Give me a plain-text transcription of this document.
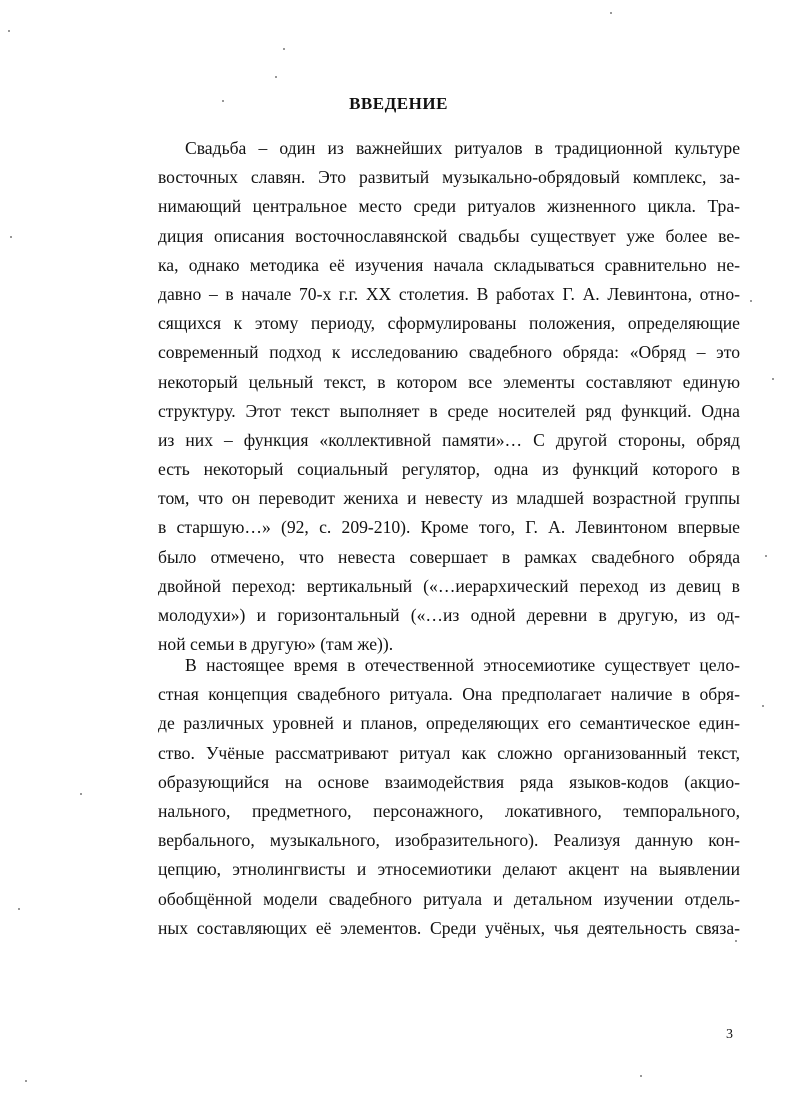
ВВЕДЕНИЕ

Свадьба – один из важнейших ритуалов в традиционной культуре
восточных славян. Это развитый музыкально-обрядовый комплекс, за-
нимающий центральное место среди ритуалов жизненного цикла. Тра-
диция описания восточнославянской свадьбы существует уже более ве-
ка, однако методика её изучения начала складываться сравнительно не-
давно – в начале 70-х г.г. XX столетия. В работах Г. А. Левинтона, отно-
сящихся к этому периоду, сформулированы положения, определяющие
современный подход к исследованию свадебного обряда: «Обряд – это
некоторый цельный текст, в котором все элементы составляют единую
структуру. Этот текст выполняет в среде носителей ряд функций. Одна
из них – функция «коллективной памяти»… С другой стороны, обряд
есть некоторый социальный регулятор, одна из функций которого в
том, что он переводит жениха и невесту из младшей возрастной группы
в старшую…» (92, с. 209-210). Кроме того, Г. А. Левинтоном впервые
было отмечено, что невеста совершает в рамках свадебного обряда
двойной переход: вертикальный («…иерархический переход из девиц в
молодухи») и горизонтальный («…из одной деревни в другую, из од-
ной семьи в другую» (там же)).

В настоящее время в отечественной этносемиотике существует цело-
стная концепция свадебного ритуала. Она предполагает наличие в обря-
де различных уровней и планов, определяющих его семантическое един-
ство. Учёные рассматривают ритуал как сложно организованный текст,
образующийся на основе взаимодействия ряда языков-кодов (акцио-
нального, предметного, персонажного, локативного, темпорального,
вербального, музыкального, изобразительного). Реализуя данную кон-
цепцию, этнолингвисты и этносемиотики делают акцент на выявлении
обобщённой модели свадебного ритуала и детальном изучении отдель-
ных составляющих её элементов. Среди учёных, чья деятельность связа-

3
